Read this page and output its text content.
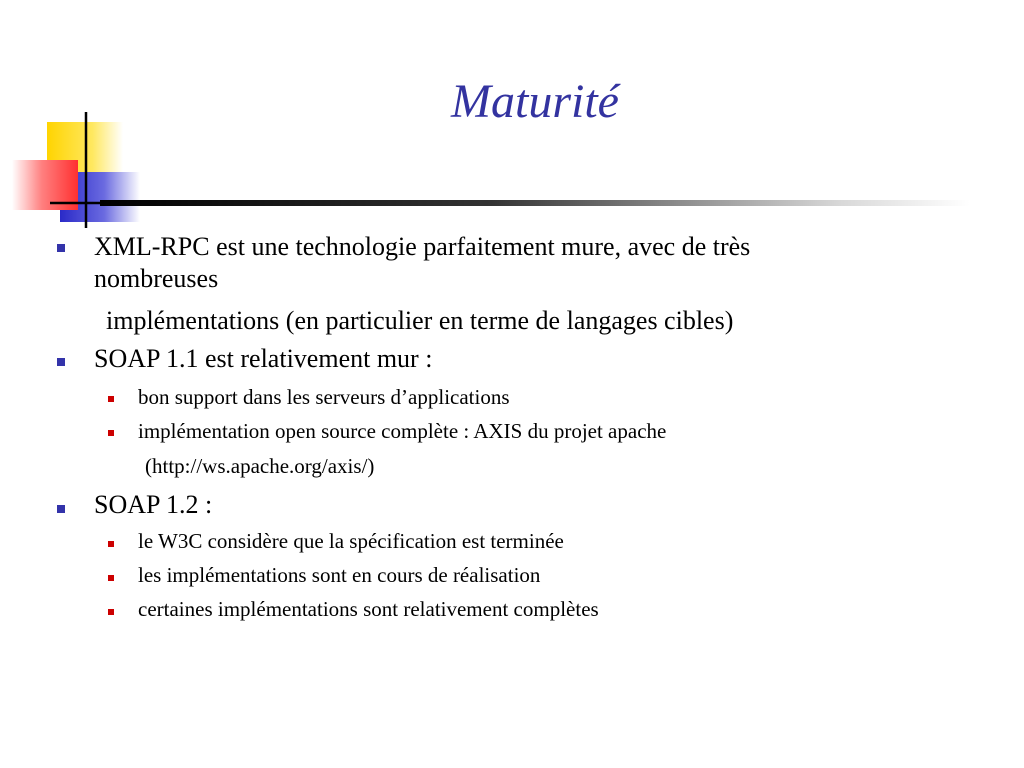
Maturité
XML-RPC est une technologie parfaitement mure, avec de très
nombreuses
implémentations (en particulier en terme de langages cibles)
SOAP 1.1 est relativement mur :
bon support dans les serveurs d’applications
implémentation open source complète : AXIS du projet apache
(http://ws.apache.org/axis/)
SOAP 1.2 :
le W3C considère que la spécification est terminée
les implémentations sont en cours de réalisation
certaines implémentations sont relativement complètes
